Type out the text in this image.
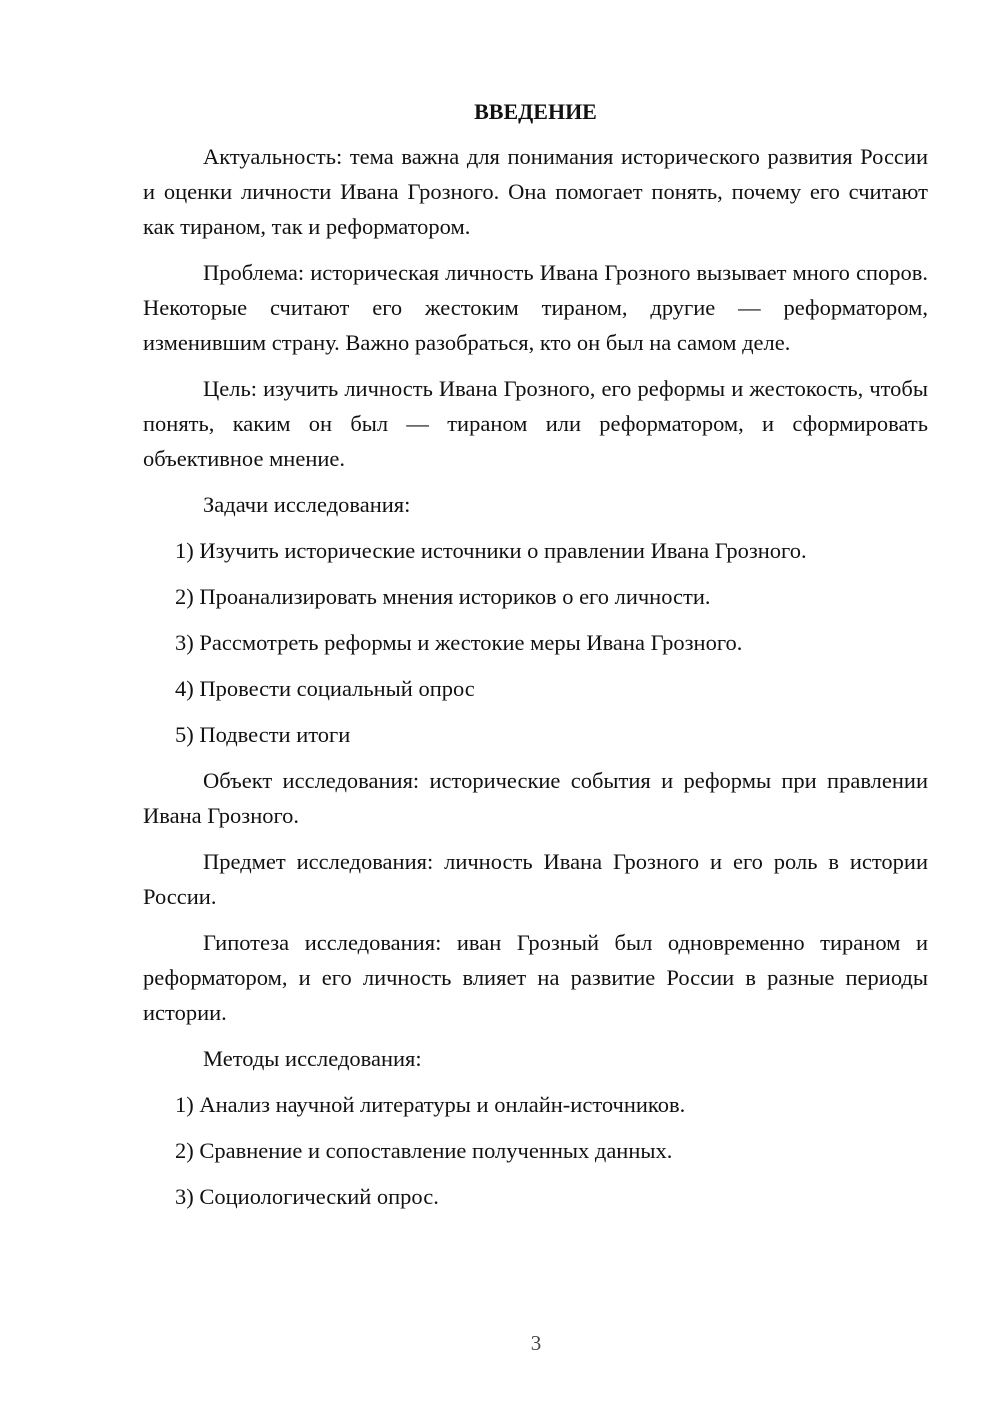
ВВЕДЕНИЕ

Актуальность: тема важна для понимания исторического развития России и оценки личности Ивана Грозного. Она помогает понять, почему его считают как тираном, так и реформатором.

Проблема: историческая личность Ивана Грозного вызывает много споров. Некоторые считают его жестоким тираном, другие — реформатором, изменившим страну. Важно разобраться, кто он был на самом деле.

Цель: изучить личность Ивана Грозного, его реформы и жестокость, чтобы понять, каким он был — тираном или реформатором, и сформировать объективное мнение.

Задачи исследования:

1) Изучить исторические источники о правлении Ивана Грозного.

2) Проанализировать мнения историков о его личности.

3) Рассмотреть реформы и жестокие меры Ивана Грозного.

4) Провести социальный опрос

5) Подвести итоги

Объект исследования: исторические события и реформы при правлении Ивана Грозного.

Предмет исследования: личность Ивана Грозного и его роль в истории России.

Гипотеза исследования: иван Грозный был одновременно тираном и реформатором, и его личность влияет на развитие России в разные периоды истории.

Методы исследования:

1) Анализ научной литературы и онлайн-источников.

2) Сравнение и сопоставление полученных данных.

3) Социологический опрос.

3
